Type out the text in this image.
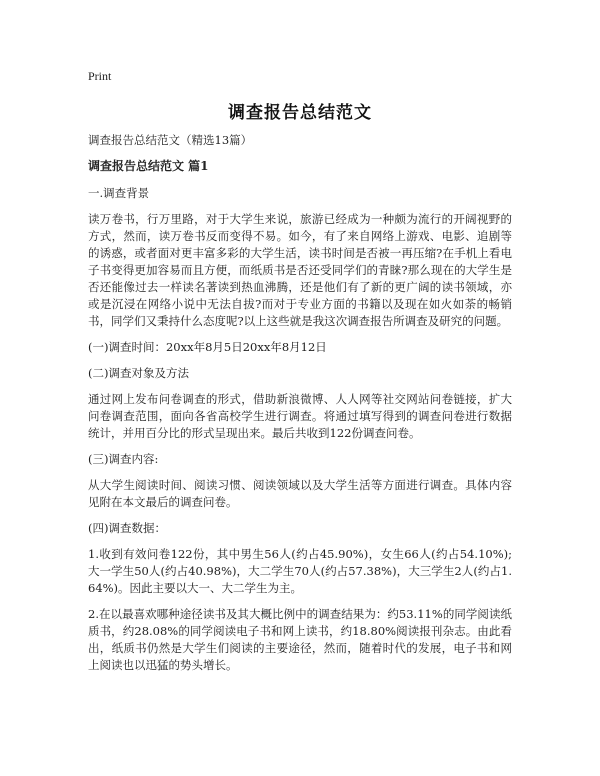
Print
调查报告总结范文

调查报告总结范文（精选13篇）

调查报告总结范文 篇1

一.调查背景

读万卷书，行万里路，对于大学生来说，旅游已经成为一种颇为流行的开阔视野的方式，然而，读万卷书反而变得不易。如今，有了来自网络上游戏、电影、追剧等的诱惑，或者面对更丰富多彩的大学生活，读书时间是否被一再压缩?在手机上看电子书变得更加容易而且方便，而纸质书是否还受同学们的青睐?那么现在的大学生是否还能像过去一样读名著读到热血沸腾，还是他们有了新的更广阔的读书领域，亦或是沉浸在网络小说中无法自拔?而对于专业方面的书籍以及现在如火如荼的畅销书，同学们又秉持什么态度呢?以上这些就是我这次调查报告所调查及研究的问题。

(一)调查时间：20xx年8月5日20xx年8月12日

(二)调查对象及方法

通过网上发布问卷调查的形式，借助新浪微博、人人网等社交网站问卷链接，扩大问卷调查范围，面向各省高校学生进行调查。将通过填写得到的调查问卷进行数据统计，并用百分比的形式呈现出来。最后共收到122份调查问卷。

(三)调查内容:

从大学生阅读时间、阅读习惯、阅读领域以及大学生活等方面进行调查。具体内容见附在本文最后的调查问卷。

(四)调查数据：

1.收到有效问卷122份，其中男生56人(约占45.90%)，女生66人(约占54.10%);大一学生50人(约占40.98%)，大二学生70人(约占57.38%)，大三学生2人(约占1.64%)。因此主要以大一、大二学生为主。

2.在以最喜欢哪种途径读书及其大概比例中的调查结果为：约53.11%的同学阅读纸质书，约28.08%的同学阅读电子书和网上读书，约18.80%阅读报刊杂志。由此看出，纸质书仍然是大学生们阅读的主要途径，然而，随着时代的发展，电子书和网上阅读也以迅猛的势头增长。
